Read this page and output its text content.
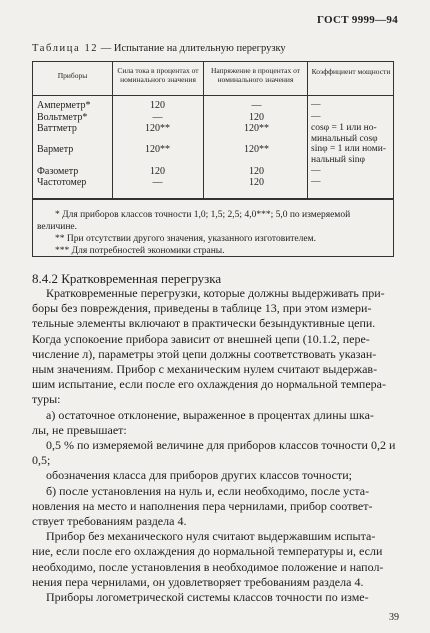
ГОСТ 9999—94
Таблица 12 — Испытание на длительную перегрузку
Приборы
Сила тока в процентах от номинального значения
Напряжение в процентах от номинального значения
Коэффициент мощности
Амперметр*	120	—	—
Вольтметр*	—	120	—
Ваттметр	120**	120**	cosφ = 1 или но-
минальный cosφ
Варметр	120**	120**	sinφ = 1 или номи-
нальный sinφ
Фазометр	120	120	—
Частотомер	—	120	—
* Для приборов классов точности 1,0; 1,5; 2,5; 4,0***; 5,0 по измеряемой
величине.
** При отсутствии другого значения, указанного изготовителем.
*** Для потребностей экономики страны.
8.4.2 Кратковременная перегрузка
Кратковременные перегрузки, которые должны выдерживать при-
боры без повреждения, приведены в таблице 13, при этом измери-
тельные элементы включают в практически безындуктивные цепи.
Когда успокоение прибора зависит от внешней цепи (10.1.2, пере-
числение л), параметры этой цепи должны соответствовать указан-
ным значениям. Прибор с механическим нулем считают выдержав-
шим испытание, если после его охлаждения до нормальной темпера-
туры:
а) остаточное отклонение, выраженное в процентах длины шка-
лы, не превышает:
0,5 % по измеряемой величине для приборов классов точности 0,2 и
0,5;
обозначения класса для приборов других классов точности;
б) после установления на нуль и, если необходимо, после уста-
новления на место и наполнения пера чернилами, прибор соответ-
ствует требованиям раздела 4.
Прибор без механического нуля считают выдержавшим испыта-
ние, если после его охлаждения до нормальной температуры и, если
необходимо, после установления в необходимое положение и напол-
нения пера чернилами, он удовлетворяет требованиям раздела 4.
Приборы логометрической системы классов точности по изме-
39
